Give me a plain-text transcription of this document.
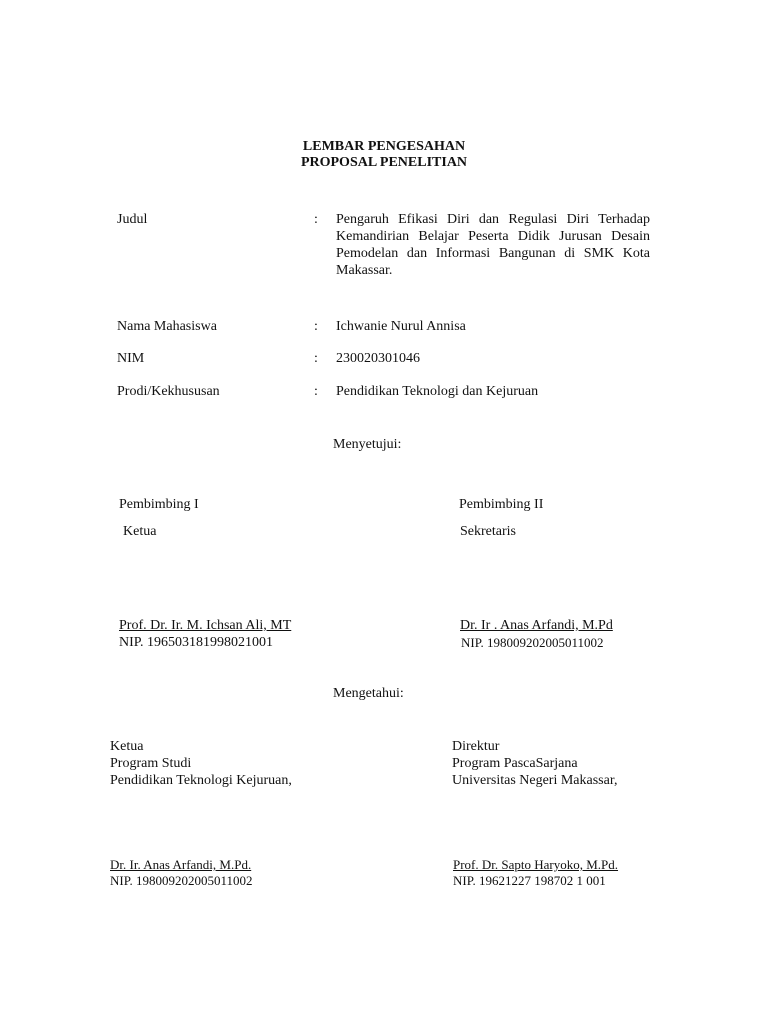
LEMBAR PENGESAHAN
PROPOSAL PENELITIAN
Judul	: Pengaruh Efikasi Diri dan Regulasi Diri Terhadap Kemandirian Belajar Peserta Didik Jurusan Desain Pemodelan dan Informasi Bangunan di SMK Kota Makassar.
Nama Mahasiswa	: Ichwanie Nurul Annisa
NIM	: 230020301046
Prodi/Kekhususan	: Pendidikan Teknologi dan Kejuruan
Menyetujui:
Pembimbing I
Ketua
Prof. Dr. Ir. M. Ichsan Ali, MT
NIP. 196503181998021001
Pembimbing II
Sekretaris
Dr. Ir . Anas Arfandi, M.Pd
NIP. 198009202005011002
Mengetahui:
Ketua
Program Studi
Pendidikan Teknologi Kejuruan,
Dr. Ir. Anas Arfandi, M.Pd.
NIP. 198009202005011002
Direktur
Program PascaSarjana
Universitas Negeri Makassar,
Prof. Dr. Sapto Haryoko, M.Pd.
NIP. 19621227 198702 1 001
